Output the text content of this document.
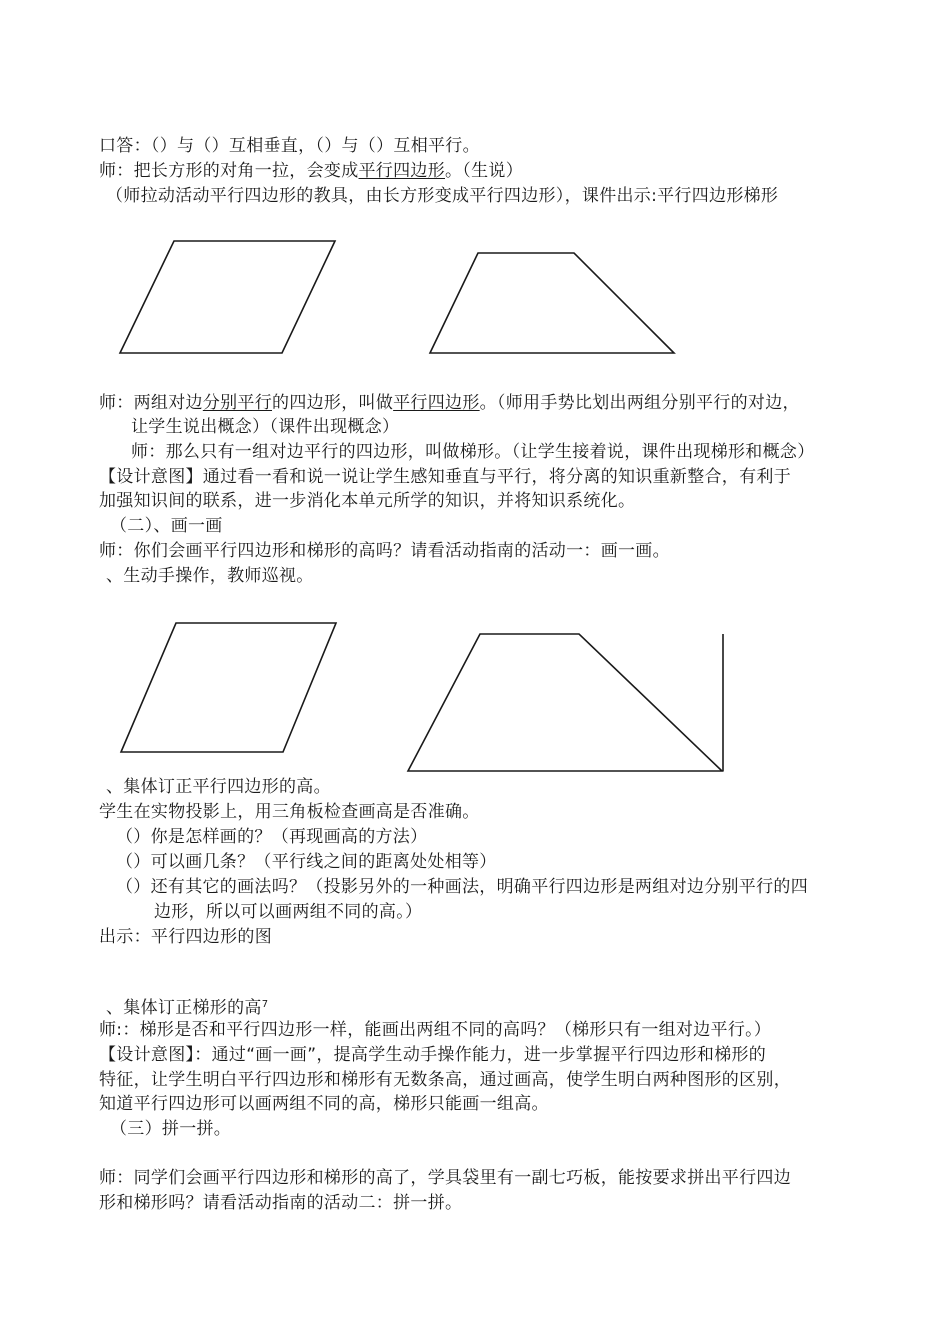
口答：（）与（）互相垂直，（）与（）互相平行。
师：把长方形的对角一拉，会变成平行四边形。（生说）
（师拉动活动平行四边形的教具，由长方形变成平行四边形），课件出示:平行四边形梯形
师：两组对边分别平行的四边形，叫做平行四边形。（师用手势比划出两组分别平行的对边，
让学生说出概念）（课件出现概念）
师：那么只有一组对边平行的四边形，叫做梯形。（让学生接着说，课件出现梯形和概念）
【设计意图】通过看一看和说一说让学生感知垂直与平行，将分离的知识重新整合，有利于
加强知识间的联系，进一步消化本单元所学的知识，并将知识系统化。
（二）、画一画
师：你们会画平行四边形和梯形的高吗？请看活动指南的活动一：画一画。
、生动手操作，教师巡视。
、集体订正平行四边形的高。
学生在实物投影上，用三角板检查画高是否准确。
（）你是怎样画的？（再现画高的方法）
（）可以画几条？（平行线之间的距离处处相等）
（）还有其它的画法吗？（投影另外的一种画法，明确平行四边形是两组对边分别平行的四
边形，所以可以画两组不同的高。）
出示：平行四边形的图
、集体订正梯形的高$^7$
师:：梯形是否和平行四边形一样，能画出两组不同的高吗？（梯形只有一组对边平行。）
【设计意图】：通过“画一画”，提高学生动手操作能力，进一步掌握平行四边形和梯形的
特征，让学生明白平行四边形和梯形有无数条高，通过画高，使学生明白两种图形的区别，
知道平行四边形可以画两组不同的高，梯形只能画一组高。
（三）拼一拼。
师：同学们会画平行四边形和梯形的高了，学具袋里有一副七巧板，能按要求拼出平行四边
形和梯形吗？请看活动指南的活动二：拼一拼。
